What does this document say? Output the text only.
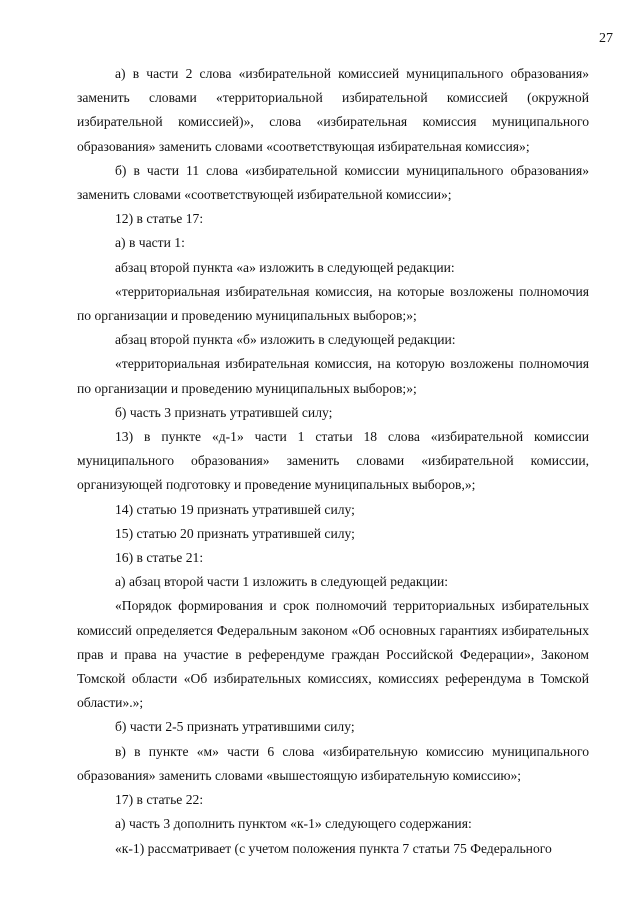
27

а) в части 2 слова «избирательной комиссией муниципального образования» заменить словами «территориальной избирательной комиссией (окружной избирательной комиссией)», слова «избирательная комиссия муниципального образования» заменить словами «соответствующая избирательная комиссия»;

б) в части 11 слова «избирательной комиссии муниципального образования» заменить словами «соответствующей избирательной комиссии»;

12) в статье 17:

а) в части 1:

абзац второй пункта «а» изложить в следующей редакции:

«территориальная избирательная комиссия, на которые возложены полномочия по организации и проведению муниципальных выборов;»;

абзац второй пункта «б» изложить в следующей редакции:

«территориальная избирательная комиссия, на которую возложены полномочия по организации и проведению муниципальных выборов;»;

б) часть 3 признать утратившей силу;

13) в пункте «д-1» части 1 статьи 18 слова «избирательной комиссии муниципального образования» заменить словами «избирательной комиссии, организующей подготовку и проведение муниципальных выборов,»;

14) статью 19 признать утратившей силу;

15) статью 20 признать утратившей силу;

16) в статье 21:

а) абзац второй части 1 изложить в следующей редакции:

«Порядок формирования и срок полномочий территориальных избирательных комиссий определяется Федеральным законом «Об основных гарантиях избирательных прав и права на участие в референдуме граждан Российской Федерации», Законом Томской области «Об избирательных комиссиях, комиссиях референдума в Томской области».»;

б) части 2-5 признать утратившими силу;

в) в пункте «м» части 6 слова «избирательную комиссию муниципального образования» заменить словами «вышестоящую избирательную комиссию»;

17) в статье 22:

а) часть 3 дополнить пунктом «к-1» следующего содержания:

«к-1) рассматривает (с учетом положения пункта 7 статьи 75 Федерального
